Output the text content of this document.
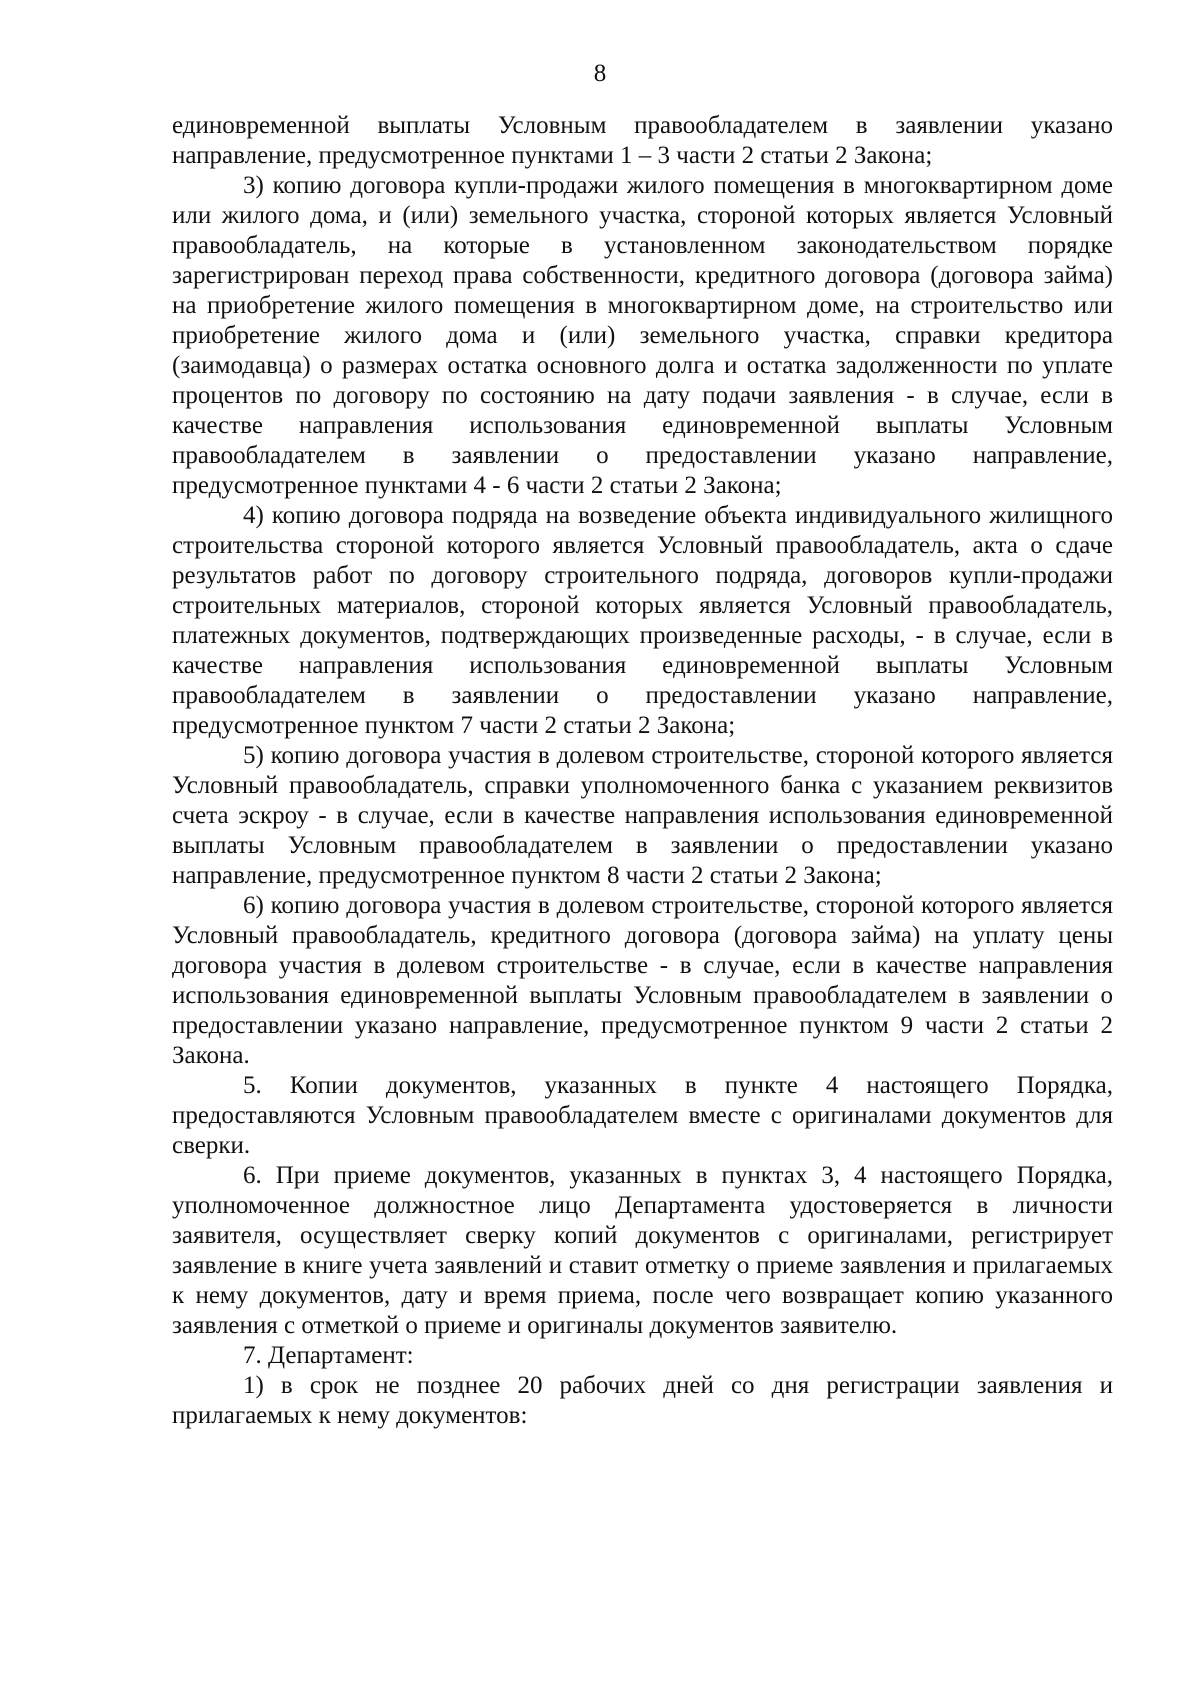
8

единовременной выплаты Условным правообладателем в заявлении указано направление, предусмотренное пунктами 1 – 3 части 2 статьи 2 Закона;

3) копию договора купли-продажи жилого помещения в многоквартирном доме или жилого дома, и (или) земельного участка, стороной которых является Условный правообладатель, на которые в установленном законодательством порядке зарегистрирован переход права собственности, кредитного договора (договора займа) на приобретение жилого помещения в многоквартирном доме, на строительство или приобретение жилого дома и (или) земельного участка, справки кредитора (заимодавца) о размерах остатка основного долга и остатка задолженности по уплате процентов по договору по состоянию на дату подачи заявления - в случае, если в качестве направления использования единовременной выплаты Условным правообладателем в заявлении о предоставлении указано направление, предусмотренное пунктами 4 - 6 части 2 статьи 2 Закона;

4) копию договора подряда на возведение объекта индивидуального жилищного строительства стороной которого является Условный правообладатель, акта о сдаче результатов работ по договору строительного подряда, договоров купли-продажи строительных материалов, стороной которых является Условный правообладатель, платежных документов, подтверждающих произведенные расходы, - в случае, если в качестве направления использования единовременной выплаты Условным правообладателем в заявлении о предоставлении указано направление, предусмотренное пунктом 7 части 2 статьи 2 Закона;

5) копию договора участия в долевом строительстве, стороной которого является Условный правообладатель, справки уполномоченного банка с указанием реквизитов счета эскроу - в случае, если в качестве направления использования единовременной выплаты Условным правообладателем в заявлении о предоставлении указано направление, предусмотренное пунктом 8 части 2 статьи 2 Закона;

6) копию договора участия в долевом строительстве, стороной которого является Условный правообладатель, кредитного договора (договора займа) на уплату цены договора участия в долевом строительстве - в случае, если в качестве направления использования единовременной выплаты Условным правообладателем в заявлении о предоставлении указано направление, предусмотренное пунктом 9 части 2 статьи 2 Закона.

5. Копии документов, указанных в пункте 4 настоящего Порядка, предоставляются Условным правообладателем вместе с оригиналами документов для сверки.

6. При приеме документов, указанных в пунктах 3, 4 настоящего Порядка, уполномоченное должностное лицо Департамента удостоверяется в личности заявителя, осуществляет сверку копий документов с оригиналами, регистрирует заявление в книге учета заявлений и ставит отметку о приеме заявления и прилагаемых к нему документов, дату и время приема, после чего возвращает копию указанного заявления с отметкой о приеме и оригиналы документов заявителю.

7. Департамент:

1) в срок не позднее 20 рабочих дней со дня регистрации заявления и прилагаемых к нему документов:
